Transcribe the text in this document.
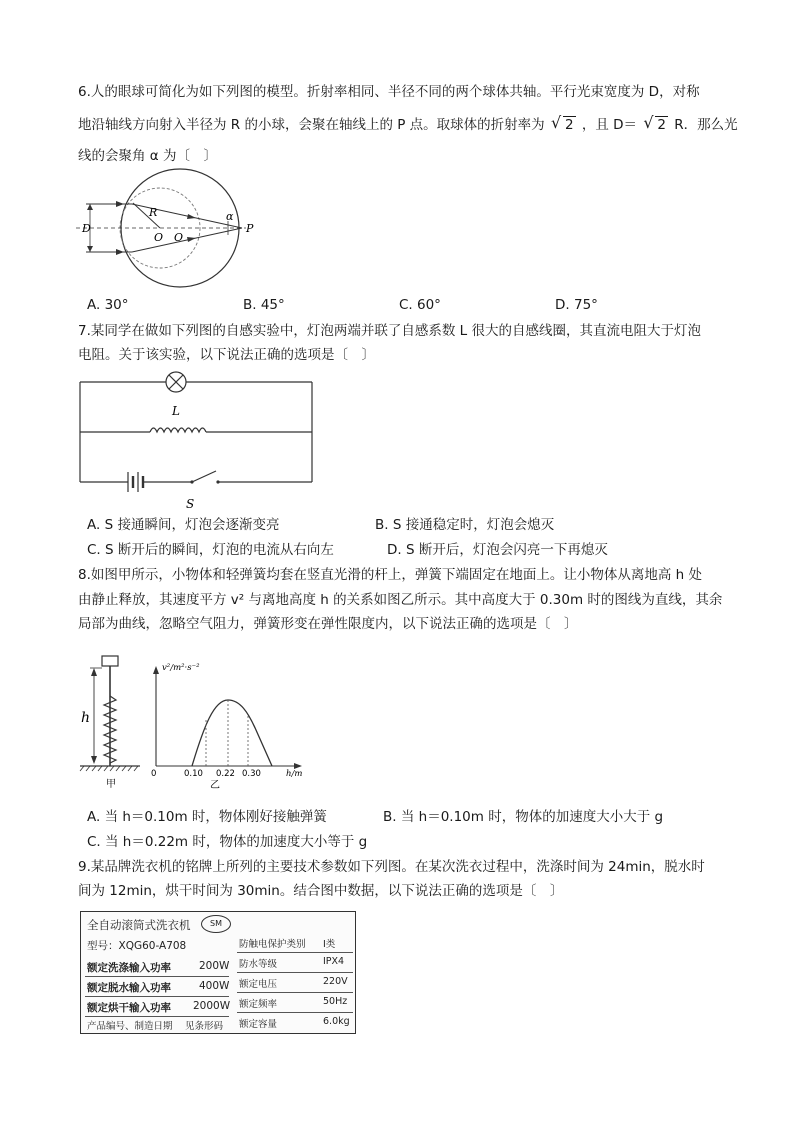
6.人的眼球可简化为如下列图的模型。折射率相同、半径不同的两个球体共轴。平行光束宽度为 D，对称
地沿轴线方向射入半径为 R 的小球，会聚在轴线上的 P 点。取球体的折射率为 √ 2 ，且 D＝ √ 2 R．那么光
线的会聚角 α 为〔　〕
D
R
O O
α
P
A. 30°	B. 45°	C. 60°	D. 75°
7.某同学在做如下列图的自感实验中，灯泡两端并联了自感系数 L 很大的自感线圈，其直流电阻大于灯泡
电阻。关于该实验，以下说法正确的选项是〔　〕
L
S
A. S 接通瞬间，灯泡会逐渐变亮	B. S 接通稳定时，灯泡会熄灭
C. S 断开后的瞬间，灯泡的电流从右向左	D. S 断开后，灯泡会闪亮一下再熄灭
8.如图甲所示，小物体和轻弹簧均套在竖直光滑的杆上，弹簧下端固定在地面上。让小物体从离地高 h 处
由静止释放，其速度平方 v² 与离地高度 h 的关系如图乙所示。其中高度大于 0.30m 时的图线为直线，其余
局部为曲线，忽略空气阻力，弹簧形变在弹性限度内，以下说法正确的选项是〔　〕
h
甲
v²/m²·s⁻²
0	0.10 0.22 0.30	h/m
乙
A. 当 h＝0.10m 时，物体刚好接触弹簧	B. 当 h＝0.10m 时，物体的加速度大小大于 g
C. 当 h＝0.22m 时，物体的加速度大小等于 g
9.某品牌洗衣机的铭牌上所列的主要技术参数如下列图。在某次洗衣过程中，洗涤时间为 24min，脱水时
间为 12min，烘干时间为 30min。结合图中数据，以下说法正确的选项是〔　〕
全自动滚筒式洗衣机	SM
型号：XQG60-A708
额定洗涤输入功率	200W
额定脱水输入功率	400W
额定烘干输入功率 2000W
产品编号、制造日期 见条形码
防触电保护类别 Ⅰ类
防水等级	IPX4
额定电压	220V
额定频率	50Hz
额定容量	6.0kg
